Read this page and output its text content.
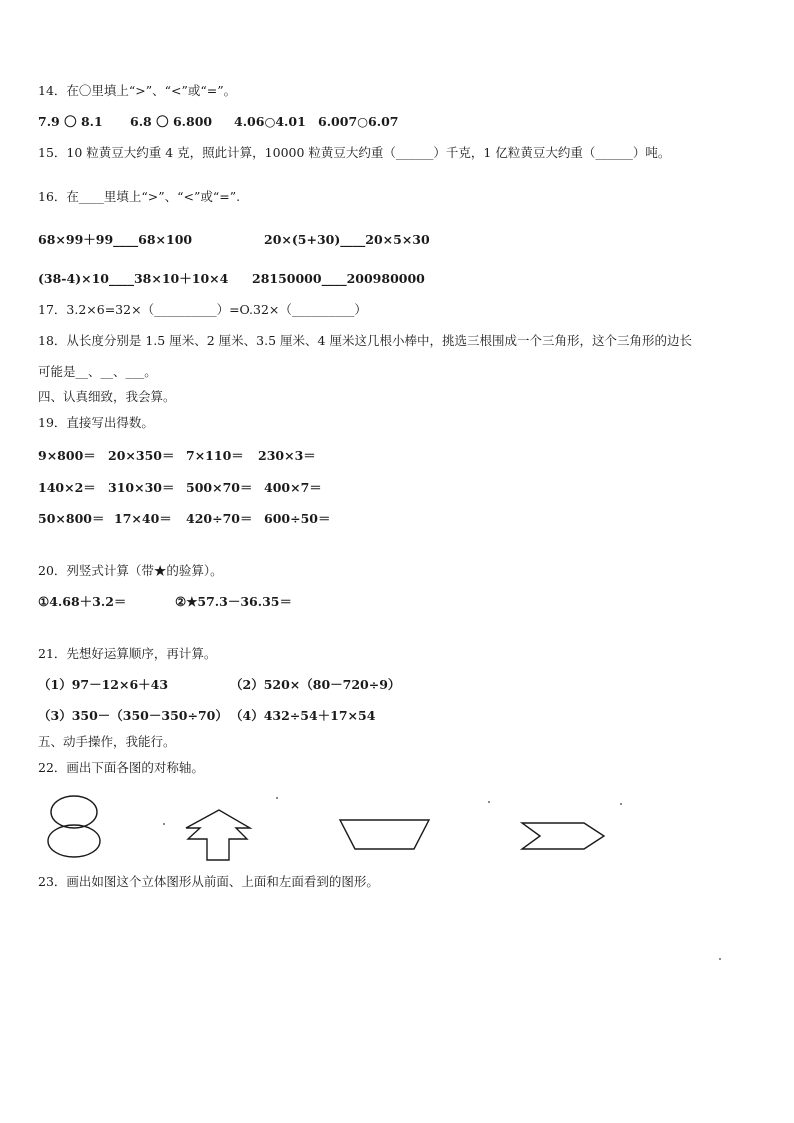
14．在〇里填上“>”、“<”或“=”。
7.9 〇 8.1 6.8 〇 6.800 4.06○4.01 6.007○6.07
15．10 粒黄豆大约重 4 克，照此计算，10000 粒黄豆大约重（______）千克，1 亿粒黄豆大约重（______）吨。
16．在____里填上“>”、“<”或“=”.
68×99＋99____68×100	20×(5+30)____20×5×30
(38-4)×10____38×10＋10×4 28150000____200980000
17．3.2×6=32×（__________）=O.32×（__________）
18．从长度分别是 1.5 厘米、2 厘米、3.5 厘米、4 厘米这几根小棒中，挑选三根围成一个三角形，这个三角形的边长
可能是__、__、___。
四、认真细致，我会算。
19．直接写出得数。
9×800＝ 20×350＝ 7×110＝ 230×3＝
140×2＝ 310×30＝ 500×70＝ 400×7＝
50×800＝ 17×40＝ 420÷70＝ 600÷50＝
20．列竖式计算（带★的验算）。
①4.68＋3.2＝	②★57.3－36.35＝
21．先想好运算顺序，再计算。
（1）97－12×6＋43	（2）520×（80－720÷9）
（3）350－（350－350÷70） （4）432÷54＋17×54
五、动手操作，我能行。
22．画出下面各图的对称轴。
23．画出如图这个立体图形从前面、上面和左面看到的图形。
